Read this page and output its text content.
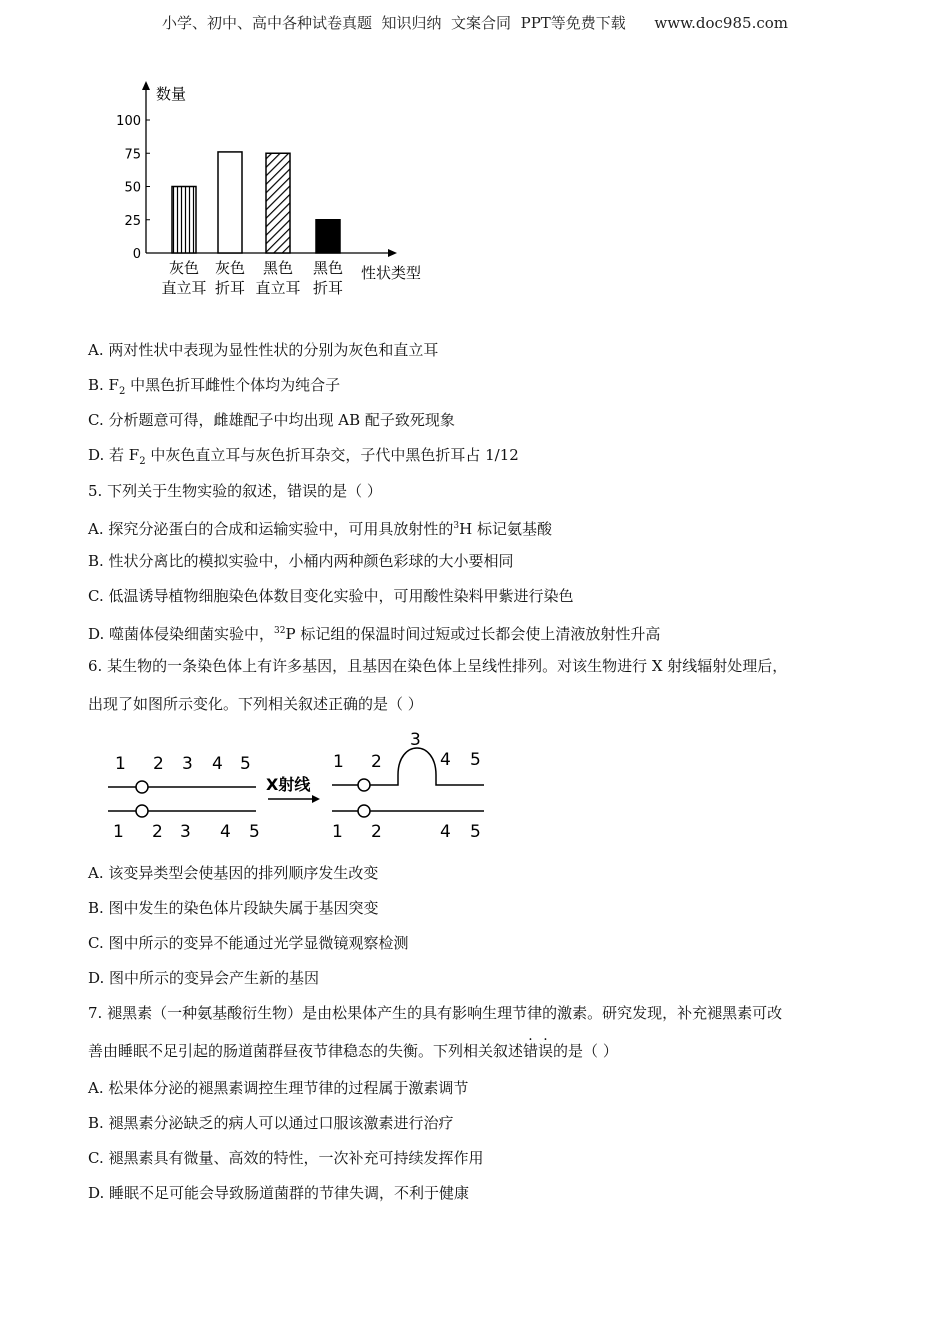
小学、初中、高中各种试卷真题  知识归纳  文案合同  PPT等免费下载      www.doc985.com
数量
性状类型
100
75
50
25
0
灰色
直立耳
灰色
折耳
黑色
直立耳
黑色
折耳
A. 两对性状中表现为显性性状的分别为灰色和直立耳
B. $F_2$ 中黑色折耳雌性个体均为纯合子
C. 分析题意可得，雌雄配子中均出现 AB 配子致死现象
D. 若 $F_2$ 中灰色直立耳与灰色折耳杂交，子代中黑色折耳占 1/12
5. 下列关于生物实验的叙述，错误的是（ ）
A. 探究分泌蛋白的合成和运输实验中，可用具放射性的$^3$H 标记氨基酸
B. 性状分离比的模拟实验中，小桶内两种颜色彩球的大小要相同
C. 低温诱导植物细胞染色体数目变化实验中，可用酸性染料甲紫进行染色
D. 噬菌体侵染细菌实验中，$^{32}$P 标记组的保温时间过短或过长都会使上清液放射性升高
6. 某生物的一条染色体上有许多基因，且基因在染色体上呈线性排列。对该生物进行 X 射线辐射处理后，
出现了如图所示变化。下列相关叙述正确的是（ ）
1 2 3 4 5
1 2 3 4 5
1 2
3
4 5
1 2	4 5
X射线
A. 该变异类型会使基因的排列顺序发生改变
B. 图中发生的染色体片段缺失属于基因突变
C. 图中所示的变异不能通过光学显微镜观察检测
D. 图中所示的变异会产生新的基因
7. 褪黑素（一种氨基酸衍生物）是由松果体产生的具有影响生理节律的激素。研究发现，补充褪黑素可改
善由睡眠不足引起的肠道菌群昼夜节律稳态的失衡。下列相关叙述错误的是（ ）
A. 松果体分泌的褪黑素调控生理节律的过程属于激素调节
B. 褪黑素分泌缺乏的病人可以通过口服该激素进行治疗
C. 褪黑素具有微量、高效的特性，一次补充可持续发挥作用
D. 睡眠不足可能会导致肠道菌群的节律失调，不利于健康
